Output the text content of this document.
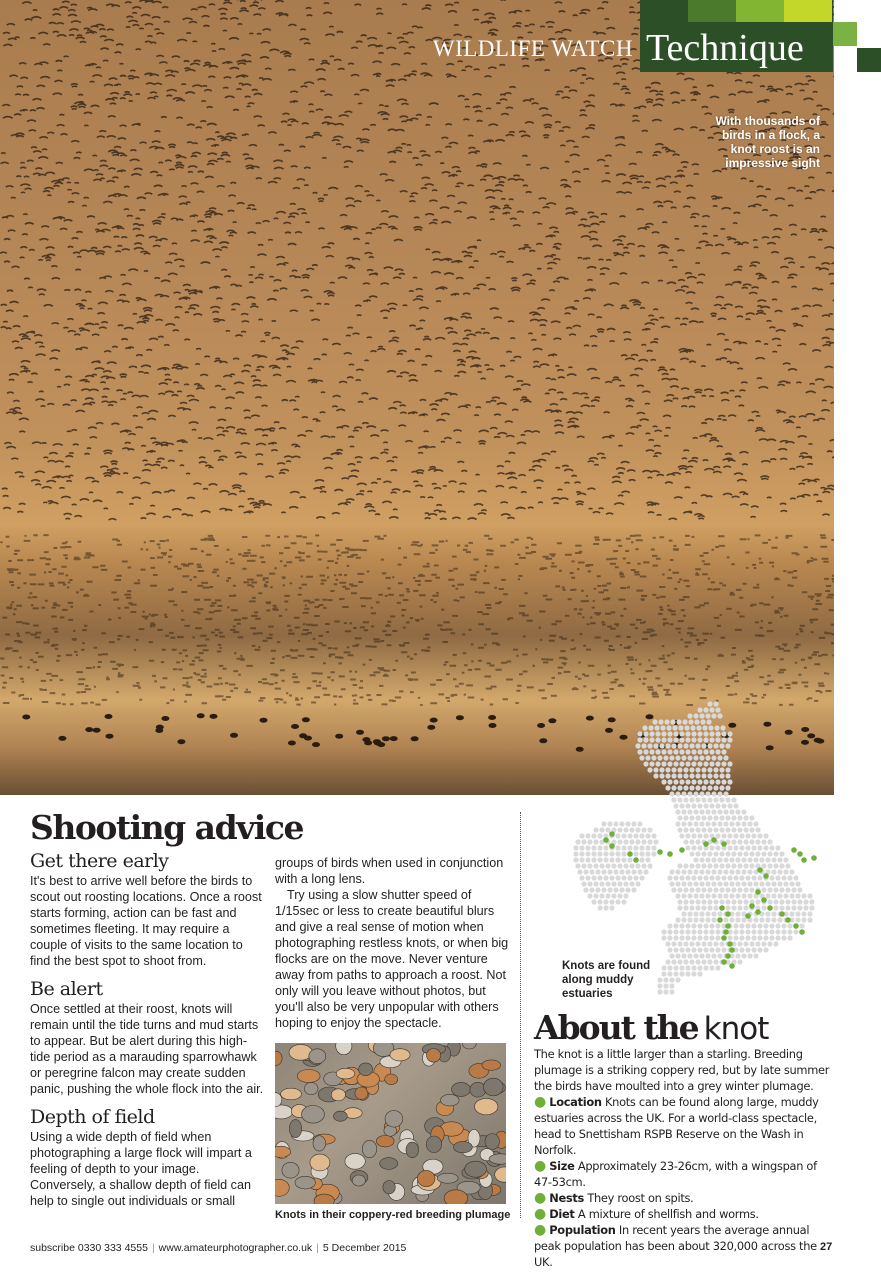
With thousands of birds in a flock, a knot roost is an impressive sight
WILDLIFE WATCH Technique
Shooting advice
Get there early

It's best to arrive well before the birds to scout out roosting locations. Once a roost starts forming, action can be fast and sometimes fleeting. It may require a couple of visits to the same location to find the best spot to shoot from.

Be alert

Once settled at their roost, knots will remain until the tide turns and mud starts to appear. But be alert during this high-tide period as a marauding sparrowhawk or peregrine falcon may create sudden panic, pushing the whole flock into the air.

Depth of field

Using a wide depth of field when photographing a large flock will impart a feeling of depth to your image. Conversely, a shallow depth of field can help to single out individuals or small

groups of birds when used in conjunction with a long lens.

Try using a slow shutter speed of 1/15sec or less to create beautiful blurs and give a real sense of motion when photographing restless knots, or when big flocks are on the move. Never venture away from paths to approach a roost. Not only will you leave without photos, but you'll also be very unpopular with others hoping to enjoy the spectacle.

Knots in their coppery-red breeding plumage
Knots are found along muddy estuaries
About the knot

The knot is a little larger than a starling. Breeding plumage is a striking coppery red, but by late summer the birds have moulted into a grey winter plumage.

● Location Knots can be found along large, muddy estuaries across the UK. For a world-class spectacle, head to Snettisham RSPB Reserve on the Wash in Norfolk.

● Size Approximately 23-26cm, with a wingspan of 47-53cm.

● Nests They roost on spits.

● Diet A mixture of shellfish and worms.

● Population In recent years the average annual peak population has been about 320,000 across the UK.

subscribe 0330 333 4555 | www.amateurphotographer.co.uk | 5 December 2015	27
